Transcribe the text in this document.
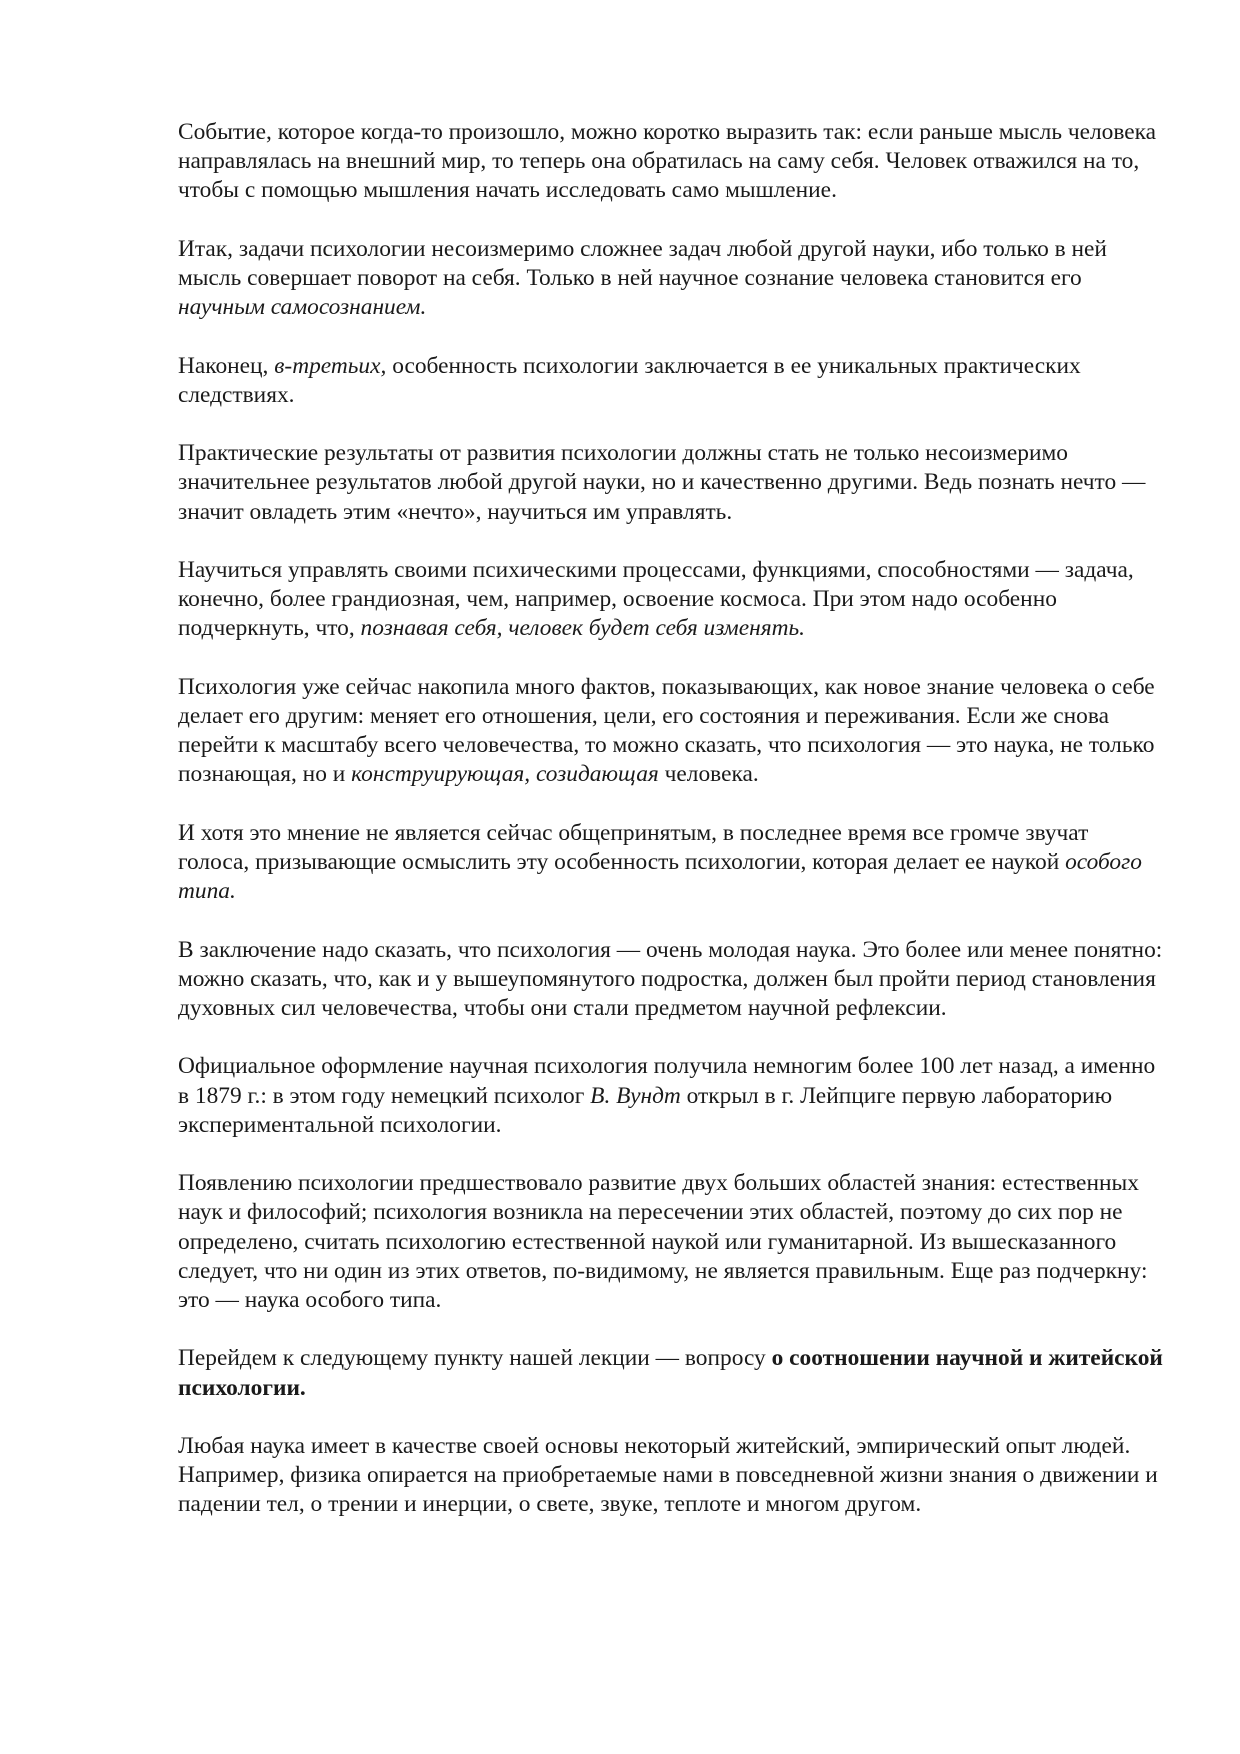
Событие, которое когда-то произошло, можно коротко выразить так: если раньше мысль человека направлялась на внешний мир, то теперь она обратилась на саму себя. Человек отважился на то, чтобы с помощью мышления начать исследовать само мышление.

Итак, задачи психологии несоизмеримо сложнее задач любой другой науки, ибо только в ней мысль совершает поворот на себя. Только в ней научное сознание человека становится его научным самосознанием.

Наконец, в-третьих, особенность психологии заключается в ее уникальных практических следствиях.

Практические результаты от развития психологии должны стать не только несоизмеримо значительнее результатов любой другой науки, но и качественно другими. Ведь познать нечто — значит овладеть этим «нечто», научиться им управлять.

Научиться управлять своими психическими процессами, функциями, способностями — задача, конечно, более грандиозная, чем, например, освоение космоса. При этом надо особенно подчеркнуть, что, познавая себя, человек будет себя изменять.

Психология уже сейчас накопила много фактов, показывающих, как новое знание человека о себе делает его другим: меняет его отношения, цели, его состояния и переживания. Если же снова перейти к масштабу всего человечества, то можно сказать, что психология — это наука, не только познающая, но и конструирующая, созидающая человека.

И хотя это мнение не является сейчас общепринятым, в последнее время все громче звучат голоса, призывающие осмыслить эту особенность психологии, которая делает ее наукой особого типа.

В заключение надо сказать, что психология — очень молодая наука. Это более или менее понятно: можно сказать, что, как и у вышеупомянутого подростка, должен был пройти период становления духовных сил человечества, чтобы они стали предметом научной рефлексии.

Официальное оформление научная психология получила немногим более 100 лет назад, а именно в 1879 г.: в этом году немецкий психолог В. Вундт открыл в г. Лейпциге первую лабораторию экспериментальной психологии.

Появлению психологии предшествовало развитие двух больших областей знания: естественных наук и философий; психология возникла на пересечении этих областей, поэтому до сих пор не определено, считать психологию естественной наукой или гуманитарной. Из вышесказанного следует, что ни один из этих ответов, по-видимому, не является правильным. Еще раз подчеркну: это — наука особого типа.

Перейдем к следующему пункту нашей лекции — вопросу о соотношении научной и житейской психологии.

Любая наука имеет в качестве своей основы некоторый житейский, эмпирический опыт людей. Например, физика опирается на приобретаемые нами в повседневной жизни знания о движении и падении тел, о трении и инерции, о свете, звуке, теплоте и многом другом.
